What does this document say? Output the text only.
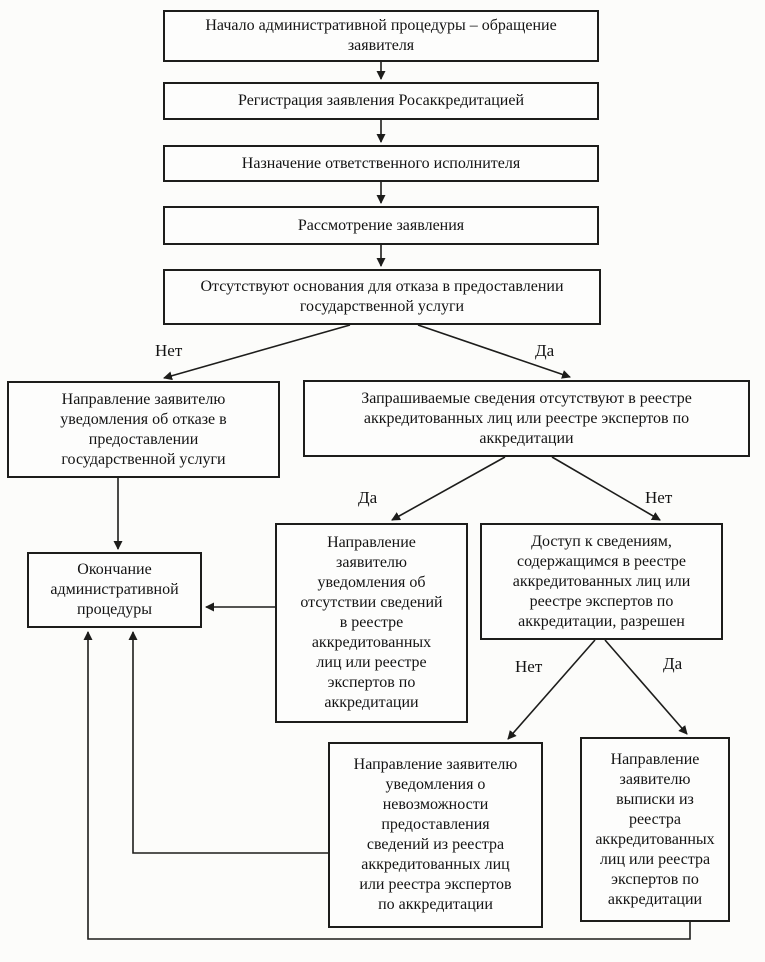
Начало административной процедуры – обращение заявителя
Регистрация заявления Росаккредитацией
Назначение ответственного исполнителя
Рассмотрение заявления
Отсутствуют основания для отказа в предоставлении государственной услуги
Направление заявителю уведомления об отказе в предоставлении государственной услуги
Запрашиваемые сведения отсутствуют в реестре аккредитованных лиц или реестре экспертов по аккредитации
Окончание административной процедуры
Направление заявителю уведомления об отсутствии сведений в реестре аккредитованных лиц или реестре экспертов по аккредитации
Доступ к сведениям, содержащимся в реестре аккредитованных лиц или реестре экспертов по аккредитации, разрешен
Направление заявителю уведомления о невозможности предоставления сведений из реестра аккредитованных лиц или реестра экспертов по аккредитации
Направление заявителю выписки из реестра аккредитованных лиц или реестра экспертов по аккредитации
Нет	Да
Да	Нет
Нет	Да
